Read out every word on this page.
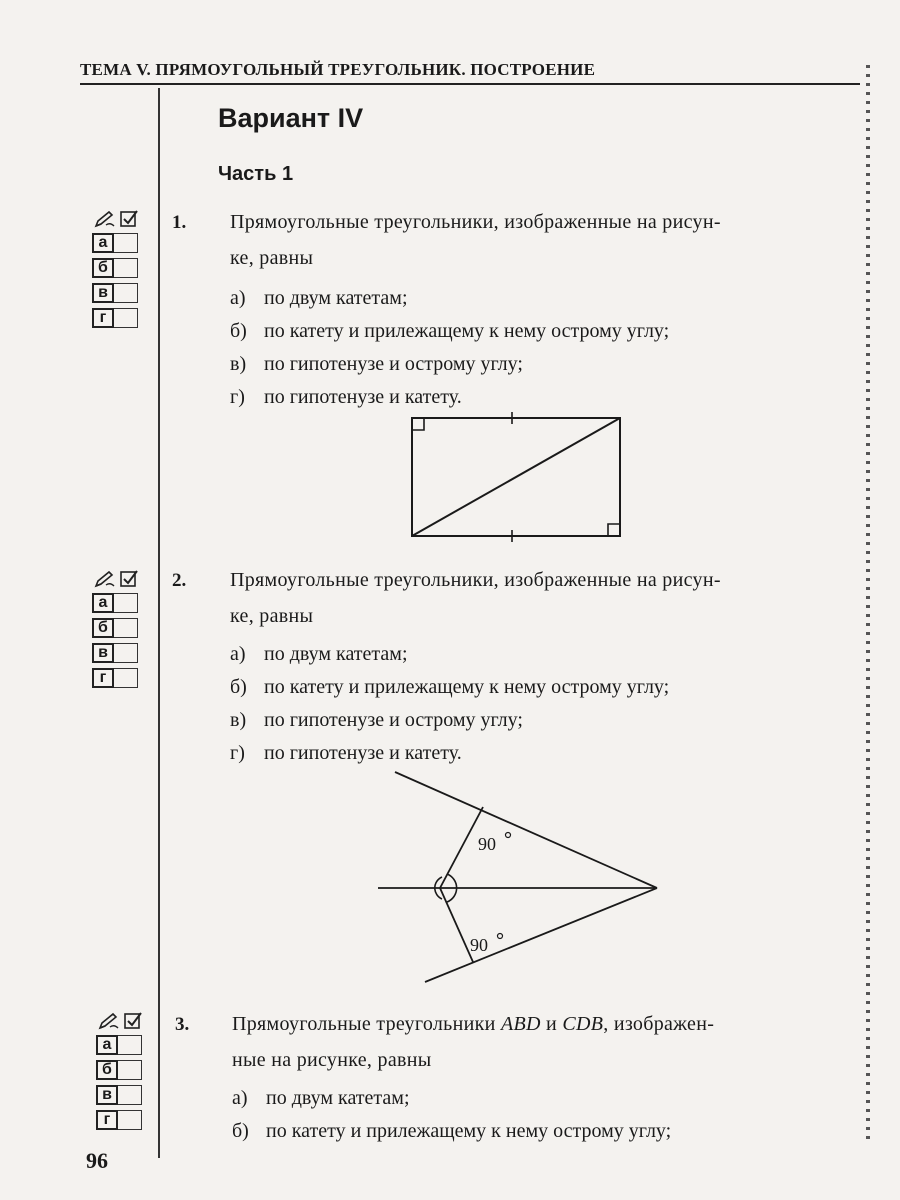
ТЕМА V. ПРЯМОУГОЛЬНЫЙ ТРЕУГОЛЬНИК. ПОСТРОЕНИЕ
Вариант IV
Часть 1
а
б
в
г
1. Прямоугольные треугольники, изображенные на рисун-
ке, равны
а) по двум катетам;
б) по катету и прилежащему к нему острому углу;
в) по гипотенузе и острому углу;
г) по гипотенузе и катету.
а
б
в
г
2. Прямоугольные треугольники, изображенные на рисун-
ке, равны
а) по двум катетам;
б) по катету и прилежащему к нему острому углу;
в) по гипотенузе и острому углу;
г) по гипотенузе и катету.
90
90
а
б
в
г
3. Прямоугольные треугольники ABD и CDB, изображен-
ные на рисунке, равны
а) по двум катетам;
б) по катету и прилежащему к нему острому углу;
96
